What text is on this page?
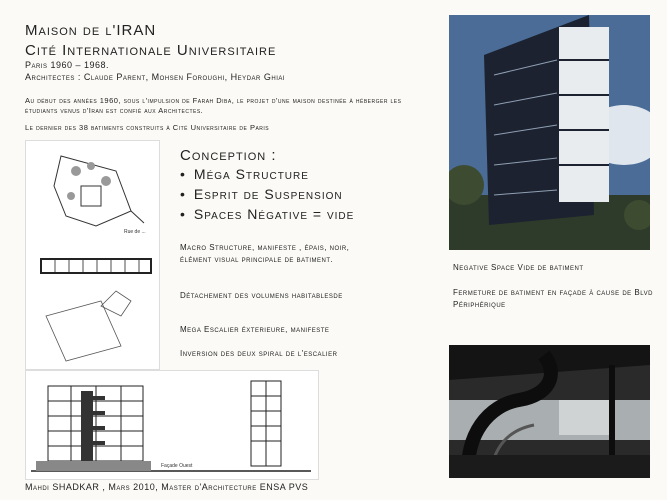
Maison de l'IRAN
Cité Internationale Universitaire
Paris 1960 – 1968.
Architectes : Claude Parent, Mohsen Foroughi, Heydar Ghiai
Au début des années 1960, sous l'impulsion de Farah Diba, le projet d'une maison destinée à héberger les étudiants venus d'Iran est confié aux Architectes.
Le dernier des 38 batiments construits à Cité Universitaire de Paris
Rue de ...
Façade Ouest
Conception :
• Méga Structure
• Esprit de Suspension
• Spaces Négative = vide
Macro Structure, manifeste , épais, noir, élément visual principale de batiment.
Détachement des volumens habitablesde
Mega Escalier éxterieure, manifeste
Inversion des deux spiral de l'escalier
Negative Space Vide de batiment
Fermeture de batiment en façade à cause de Blvd Périphérique
Mahdi SHADKAR , Mars 2010, Master d'Architecture ENSA PVS
